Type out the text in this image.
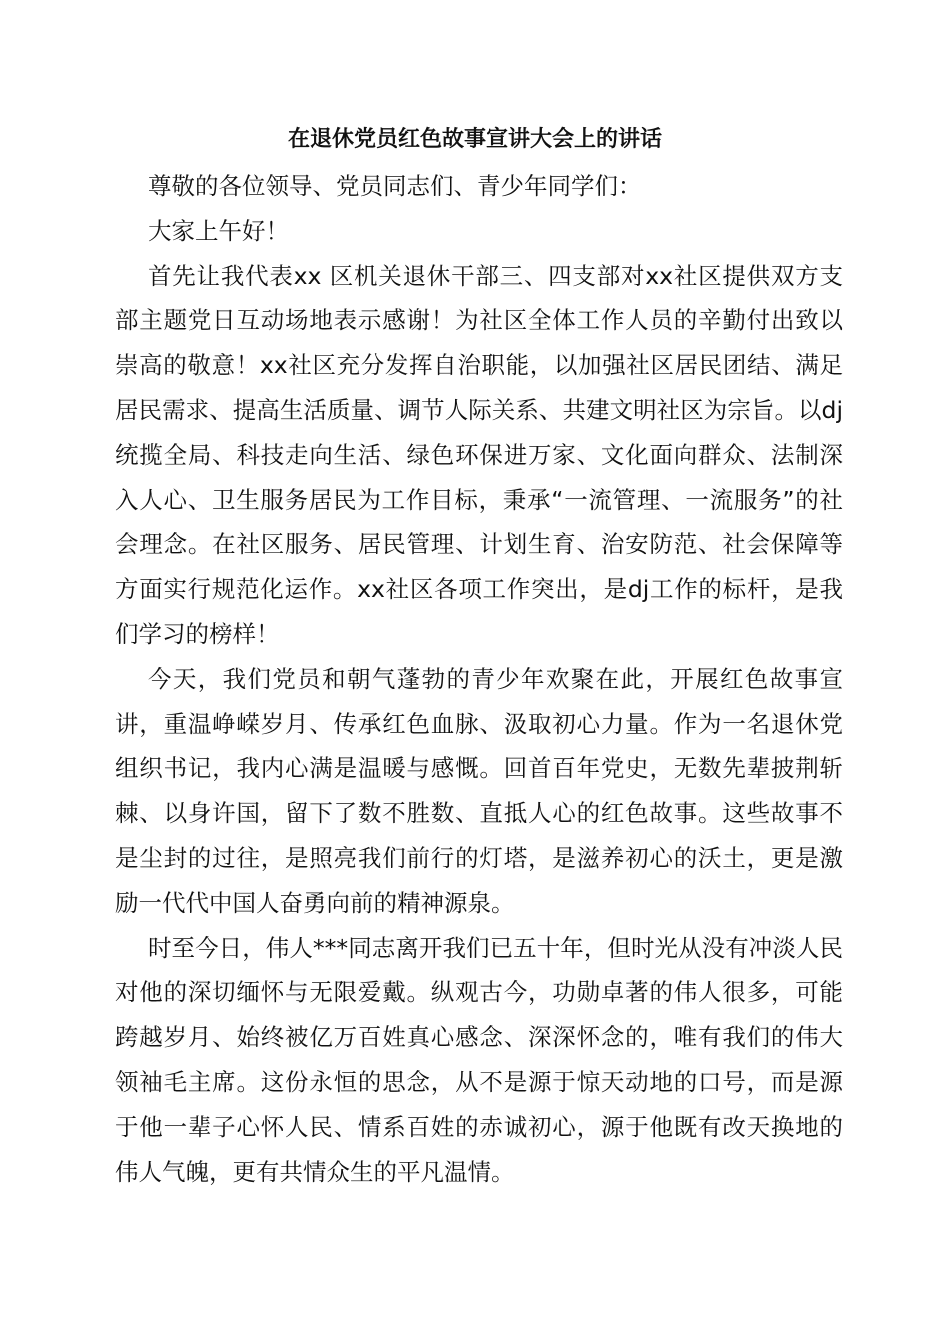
在退休党员红色故事宣讲大会上的讲话

尊敬的各位领导、党员同志们、青少年同学们：

大家上午好！

首先让我代表xx 区机关退休干部三、四支部对xx社区提供双方支部主题党日互动场地表示感谢！为社区全体工作人员的辛勤付出致以崇高的敬意！xx社区充分发挥自治职能，以加强社区居民团结、满足居民需求、提高生活质量、调节人际关系、共建文明社区为宗旨。以dj统揽全局、科技走向生活、绿色环保进万家、文化面向群众、法制深入人心、卫生服务居民为工作目标，秉承“一流管理、一流服务”的社会理念。在社区服务、居民管理、计划生育、治安防范、社会保障等方面实行规范化运作。xx社区各项工作突出，是dj工作的标杆，是我们学习的榜样！

今天，我们党员和朝气蓬勃的青少年欢聚在此，开展红色故事宣讲，重温峥嵘岁月、传承红色血脉、汲取初心力量。作为一名退休党组织书记，我内心满是温暖与感慨。回首百年党史，无数先辈披荆斩棘、以身许国，留下了数不胜数、直抵人心的红色故事。这些故事不是尘封的过往，是照亮我们前行的灯塔，是滋养初心的沃土，更是激励一代代中国人奋勇向前的精神源泉。

时至今日，伟人***同志离开我们已五十年，但时光从没有冲淡人民对他的深切缅怀与无限爱戴。纵观古今，功勋卓著的伟人很多，可能跨越岁月、始终被亿万百姓真心感念、深深怀念的，唯有我们的伟大领袖毛主席。这份永恒的思念，从不是源于惊天动地的口号，而是源于他一辈子心怀人民、情系百姓的赤诚初心，源于他既有改天换地的伟人气魄，更有共情众生的平凡温情。
